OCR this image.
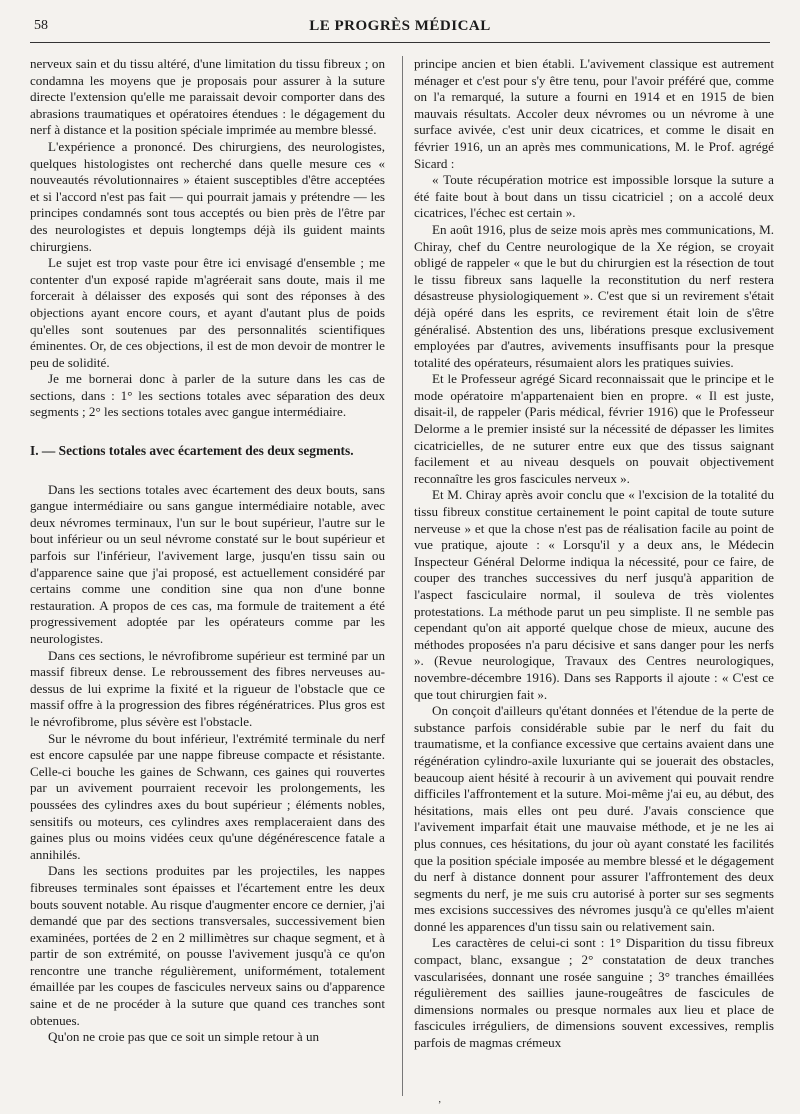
58	LE PROGRÈS MÉDICAL

nerveux sain et du tissu altéré, d'une limitation du tissu fibreux ; on condamna les moyens que je proposais pour assurer à la suture directe l'extension qu'elle me paraissait devoir comporter dans des abrasions traumatiques et opératoires étendues : le dégagement du nerf à distance et la position spéciale imprimée au membre blessé.

L'expérience a prononcé. Des chirurgiens, des neurologistes, quelques histologistes ont recherché dans quelle mesure ces « nouveautés révolutionnaires » étaient susceptibles d'être acceptées et si l'accord n'est pas fait — qui pourrait jamais y prétendre — les principes condamnés sont tous acceptés ou bien près de l'être par des neurologistes et depuis longtemps déjà ils guident maints chirurgiens.

Le sujet est trop vaste pour être ici envisagé d'ensemble ; me contenter d'un exposé rapide m'agréerait sans doute, mais il me forcerait à délaisser des exposés qui sont des réponses à des objections ayant encore cours, et ayant d'autant plus de poids qu'elles sont soutenues par des personnalités scientifiques éminentes. Or, de ces objections, il est de mon devoir de montrer le peu de solidité.

Je me bornerai donc à parler de la suture dans les cas de sections, dans : 1° les sections totales avec séparation des deux segments ; 2° les sections totales avec gangue intermédiaire.

I. — Sections totales avec écartement des deux segments.

Dans les sections totales avec écartement des deux bouts, sans gangue intermédiaire ou sans gangue intermédiaire notable, avec deux névromes terminaux, l'un sur le bout supérieur, l'autre sur le bout inférieur ou un seul névrome constaté sur le bout supérieur et parfois sur l'inférieur, l'avivement large, jusqu'en tissu sain ou d'apparence saine que j'ai proposé, est actuellement considéré par certains comme une condition sine qua non d'une bonne restauration. A propos de ces cas, ma formule de traitement a été progressivement adoptée par les opérateurs comme par les neurologistes.

Dans ces sections, le névrofibrome supérieur est terminé par un massif fibreux dense. Le rebroussement des fibres nerveuses au-dessus de lui exprime la fixité et la rigueur de l'obstacle que ce massif offre à la progression des fibres régénératrices. Plus gros est le névrofibrome, plus sévère est l'obstacle.

Sur le névrome du bout inférieur, l'extrémité terminale du nerf est encore capsulée par une nappe fibreuse compacte et résistante. Celle-ci bouche les gaines de Schwann, ces gaines qui rouvertes par un avivement pourraient recevoir les prolongements, les poussées des cylindres axes du bout supérieur ; éléments nobles, sensitifs ou moteurs, ces cylindres axes remplaceraient dans des gaines plus ou moins vidées ceux qu'une dégénérescence fatale a annihilés.

Dans les sections produites par les projectiles, les nappes fibreuses terminales sont épaisses et l'écartement entre les deux bouts souvent notable. Au risque d'augmenter encore ce dernier, j'ai demandé que par des sections transversales, successivement bien examinées, portées de 2 en 2 millimètres sur chaque segment, et à partir de son extrémité, on pousse l'avivement jusqu'à ce qu'on rencontre une tranche régulièrement, uniformément, totalement émaillée par les coupes de fascicules nerveux sains ou d'apparence saine et de ne procéder à la suture que quand ces tranches sont obtenues.

Qu'on ne croie pas que ce soit un simple retour à un

principe ancien et bien établi. L'avivement classique est autrement ménager et c'est pour s'y être tenu, pour l'avoir préféré que, comme on l'a remarqué, la suture a fourni en 1914 et en 1915 de bien mauvais résultats. Accoler deux névromes ou un névrome à une surface avivée, c'est unir deux cicatrices, et comme le disait en février 1916, un an après mes communications, M. le Prof. agrégé Sicard :

« Toute récupération motrice est impossible lorsque la suture a été faite bout à bout dans un tissu cicatriciel ; on a accolé deux cicatrices, l'échec est certain ».

En août 1916, plus de seize mois après mes communications, M. Chiray, chef du Centre neurologique de la Xe région, se croyait obligé de rappeler « que le but du chirurgien est la résection de tout le tissu fibreux sans laquelle la reconstitution du nerf restera désastreuse physiologiquement ». C'est que si un revirement s'était déjà opéré dans les esprits, ce revirement était loin de s'être généralisé. Abstention des uns, libérations presque exclusivement employées par d'autres, avivements insuffisants pour la presque totalité des opérateurs, résumaient alors les pratiques suivies.

Et le Professeur agrégé Sicard reconnaissait que le principe et le mode opératoire m'appartenaient bien en propre. « Il est juste, disait-il, de rappeler (Paris médical, février 1916) que le Professeur Delorme a le premier insisté sur la nécessité de dépasser les limites cicatricielles, de ne suturer entre eux que des tissus saignant facilement et au niveau desquels on pouvait objectivement reconnaître les gros fascicules nerveux ».

Et M. Chiray après avoir conclu que « l'excision de la totalité du tissu fibreux constitue certainement le point capital de toute suture nerveuse » et que la chose n'est pas de réalisation facile au point de vue pratique, ajoute : « Lorsqu'il y a deux ans, le Médecin Inspecteur Général Delorme indiqua la nécessité, pour ce faire, de couper des tranches successives du nerf jusqu'à apparition de l'aspect fasciculaire normal, il souleva de très violentes protestations. La méthode parut un peu simpliste. Il ne semble pas cependant qu'on ait apporté quelque chose de mieux, aucune des méthodes proposées n'a paru décisive et sans danger pour les nerfs ». (Revue neurologique, Travaux des Centres neurologiques, novembre-décembre 1916). Dans ses Rapports il ajoute : « C'est ce que tout chirurgien fait ».

On conçoit d'ailleurs qu'étant données et l'étendue de la perte de substance parfois considérable subie par le nerf du fait du traumatisme, et la confiance excessive que certains avaient dans une régénération cylindro-axile luxuriante qui se jouerait des obstacles, beaucoup aient hésité à recourir à un avivement qui pouvait rendre difficiles l'affrontement et la suture. Moi-même j'ai eu, au début, des hésitations, mais elles ont peu duré. J'avais conscience que l'avivement imparfait était une mauvaise méthode, et je ne les ai plus connues, ces hésitations, du jour où ayant constaté les facilités que la position spéciale imposée au membre blessé et le dégagement du nerf à distance donnent pour assurer l'affrontement des deux segments du nerf, je me suis cru autorisé à porter sur ses segments mes excisions successives des névromes jusqu'à ce qu'elles m'aient donné les apparences d'un tissu sain ou relativement sain.

Les caractères de celui-ci sont : 1° Disparition du tissu fibreux compact, blanc, exsangue ; 2° constatation de deux tranches vascularisées, donnant une rosée sanguine ; 3° tranches émaillées régulièrement des saillies jaune-rougeâtres de fascicules de dimensions normales ou presque normales aux lieu et place de fascicules irréguliers, de dimensions souvent excessives, remplis parfois de magmas crémeux

‚
